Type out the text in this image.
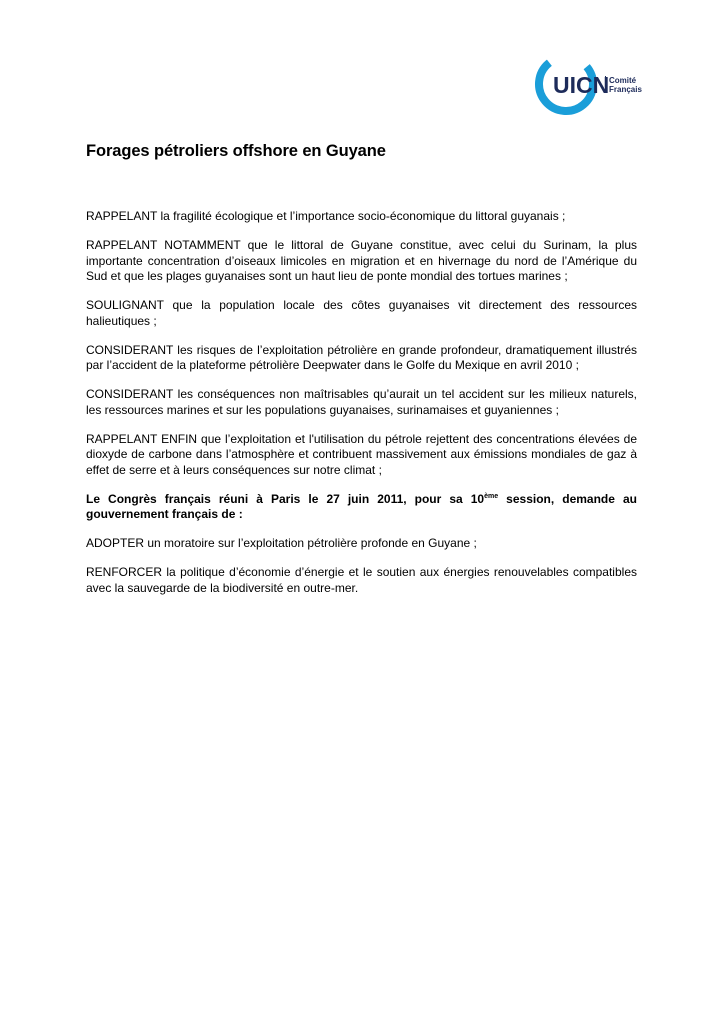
UICN Comité
Français
Forages pétroliers offshore en Guyane

RAPPELANT la fragilité écologique et l’importance socio-économique du littoral guyanais ;

RAPPELANT NOTAMMENT que le littoral de Guyane constitue, avec celui du Surinam, la plus importante concentration d’oiseaux limicoles en migration et en hivernage du nord de l’Amérique du Sud et que les plages guyanaises sont un haut lieu de ponte mondial des tortues marines ;

SOULIGNANT que la population locale des côtes guyanaises vit directement des ressources halieutiques ;

CONSIDERANT les risques de l’exploitation pétrolière en grande profondeur, dramatiquement illustrés par l’accident de la plateforme pétrolière Deepwater dans le Golfe du Mexique en avril 2010 ;

CONSIDERANT les conséquences non maîtrisables qu’aurait un tel accident sur les milieux naturels, les ressources marines et sur les populations guyanaises, surinamaises et guyaniennes ;

RAPPELANT ENFIN que l’exploitation et l'utilisation du pétrole rejettent des concentrations élevées de dioxyde de carbone dans l’atmosphère et contribuent massivement aux émissions mondiales de gaz à effet de serre et à leurs conséquences sur notre climat ;

Le Congrès français réuni à Paris le 27 juin 2011, pour sa 10ème session, demande au gouvernement français de :

ADOPTER un moratoire sur l’exploitation pétrolière profonde en Guyane ;

RENFORCER la politique d’économie d’énergie et le soutien aux énergies renouvelables compatibles avec la sauvegarde de la biodiversité en outre-mer.
